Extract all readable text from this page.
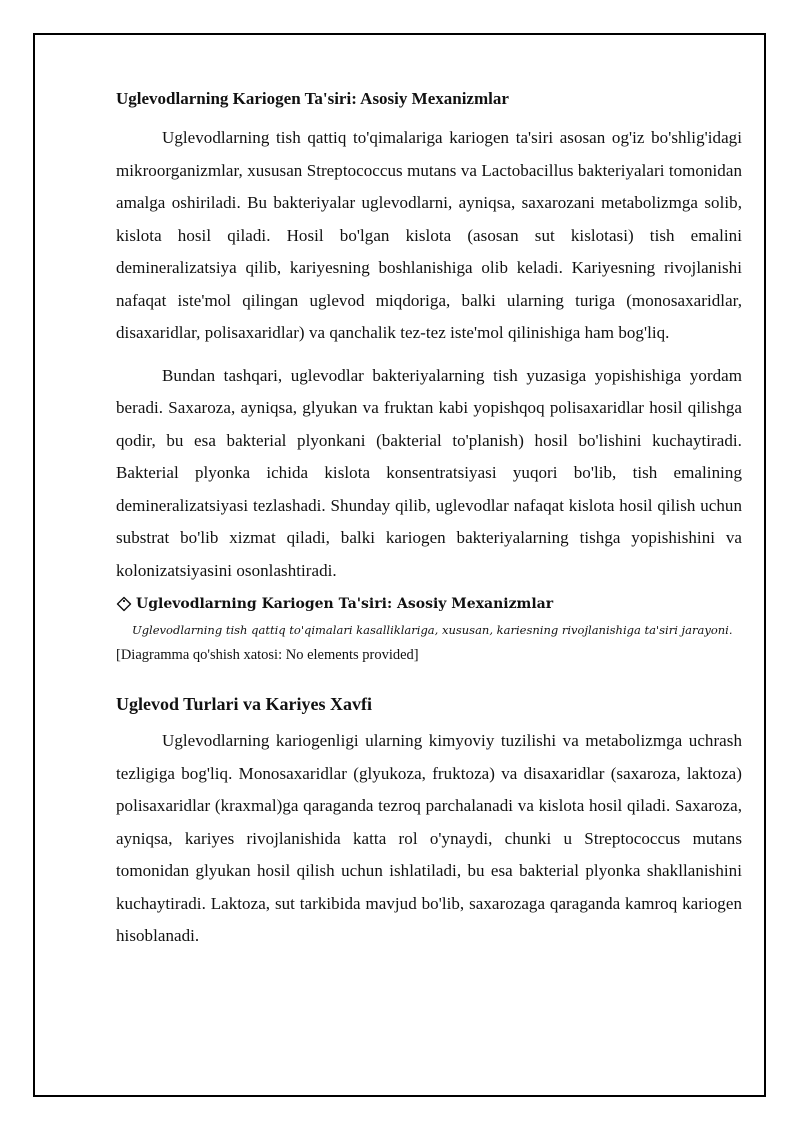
Uglevodlarning Kariogen Ta'siri: Asosiy Mexanizmlar

Uglevodlarning tish qattiq to'qimalariga kariogen ta'siri asosan og'iz bo'shlig'idagi mikroorganizmlar, xususan Streptococcus mutans va Lactobacillus bakteriyalari tomonidan amalga oshiriladi. Bu bakteriyalar uglevodlarni, ayniqsa, saxarozani metabolizmga solib, kislota hosil qiladi. Hosil bo'lgan kislota (asosan sut kislotasi) tish emalini demineralizatsiya qilib, kariyesning boshlanishiga olib keladi. Kariyesning rivojlanishi nafaqat iste'mol qilingan uglevod miqdoriga, balki ularning turiga (monosaxaridlar, disaxaridlar, polisaxaridlar) va qanchalik tez-tez iste'mol qilinishiga ham bog'liq.

Bundan tashqari, uglevodlar bakteriyalarning tish yuzasiga yopishishiga yordam beradi. Saxaroza, ayniqsa, glyukan va fruktan kabi yopishqoq polisaxaridlar hosil qilishga qodir, bu esa bakterial plyonkani (bakterial to'planish) hosil bo'lishini kuchaytiradi. Bakterial plyonka ichida kislota konsentratsiyasi yuqori bo'lib, tish emalining demineralizatsiyasi tezlashadi. Shunday qilib, uglevodlar nafaqat kislota hosil qilish uchun substrat bo'lib xizmat qiladi, balki kariogen bakteriyalarning tishga yopishishini va kolonizatsiyasini osonlashtiradi.

Uglevodlarning Kariogen Ta'siri: Asosiy Mexanizmlar
Uglevodlarning tish qattiq to'qimalari kasalliklariga, xususan, kariesning rivojlanishiga ta'siri jarayoni.
[Diagramma qo'shish xatosi: No elements provided]
Uglevod Turlari va Kariyes Xavfi

Uglevodlarning kariogenligi ularning kimyoviy tuzilishi va metabolizmga uchrash tezligiga bog'liq. Monosaxaridlar (glyukoza, fruktoza) va disaxaridlar (saxaroza, laktoza) polisaxaridlar (kraxmal)ga qaraganda tezroq parchalanadi va kislota hosil qiladi. Saxaroza, ayniqsa, kariyes rivojlanishida katta rol o'ynaydi, chunki u Streptococcus mutans tomonidan glyukan hosil qilish uchun ishlatiladi, bu esa bakterial plyonka shakllanishini kuchaytiradi. Laktoza, sut tarkibida mavjud bo'lib, saxarozaga qaraganda kamroq kariogen hisoblanadi.
